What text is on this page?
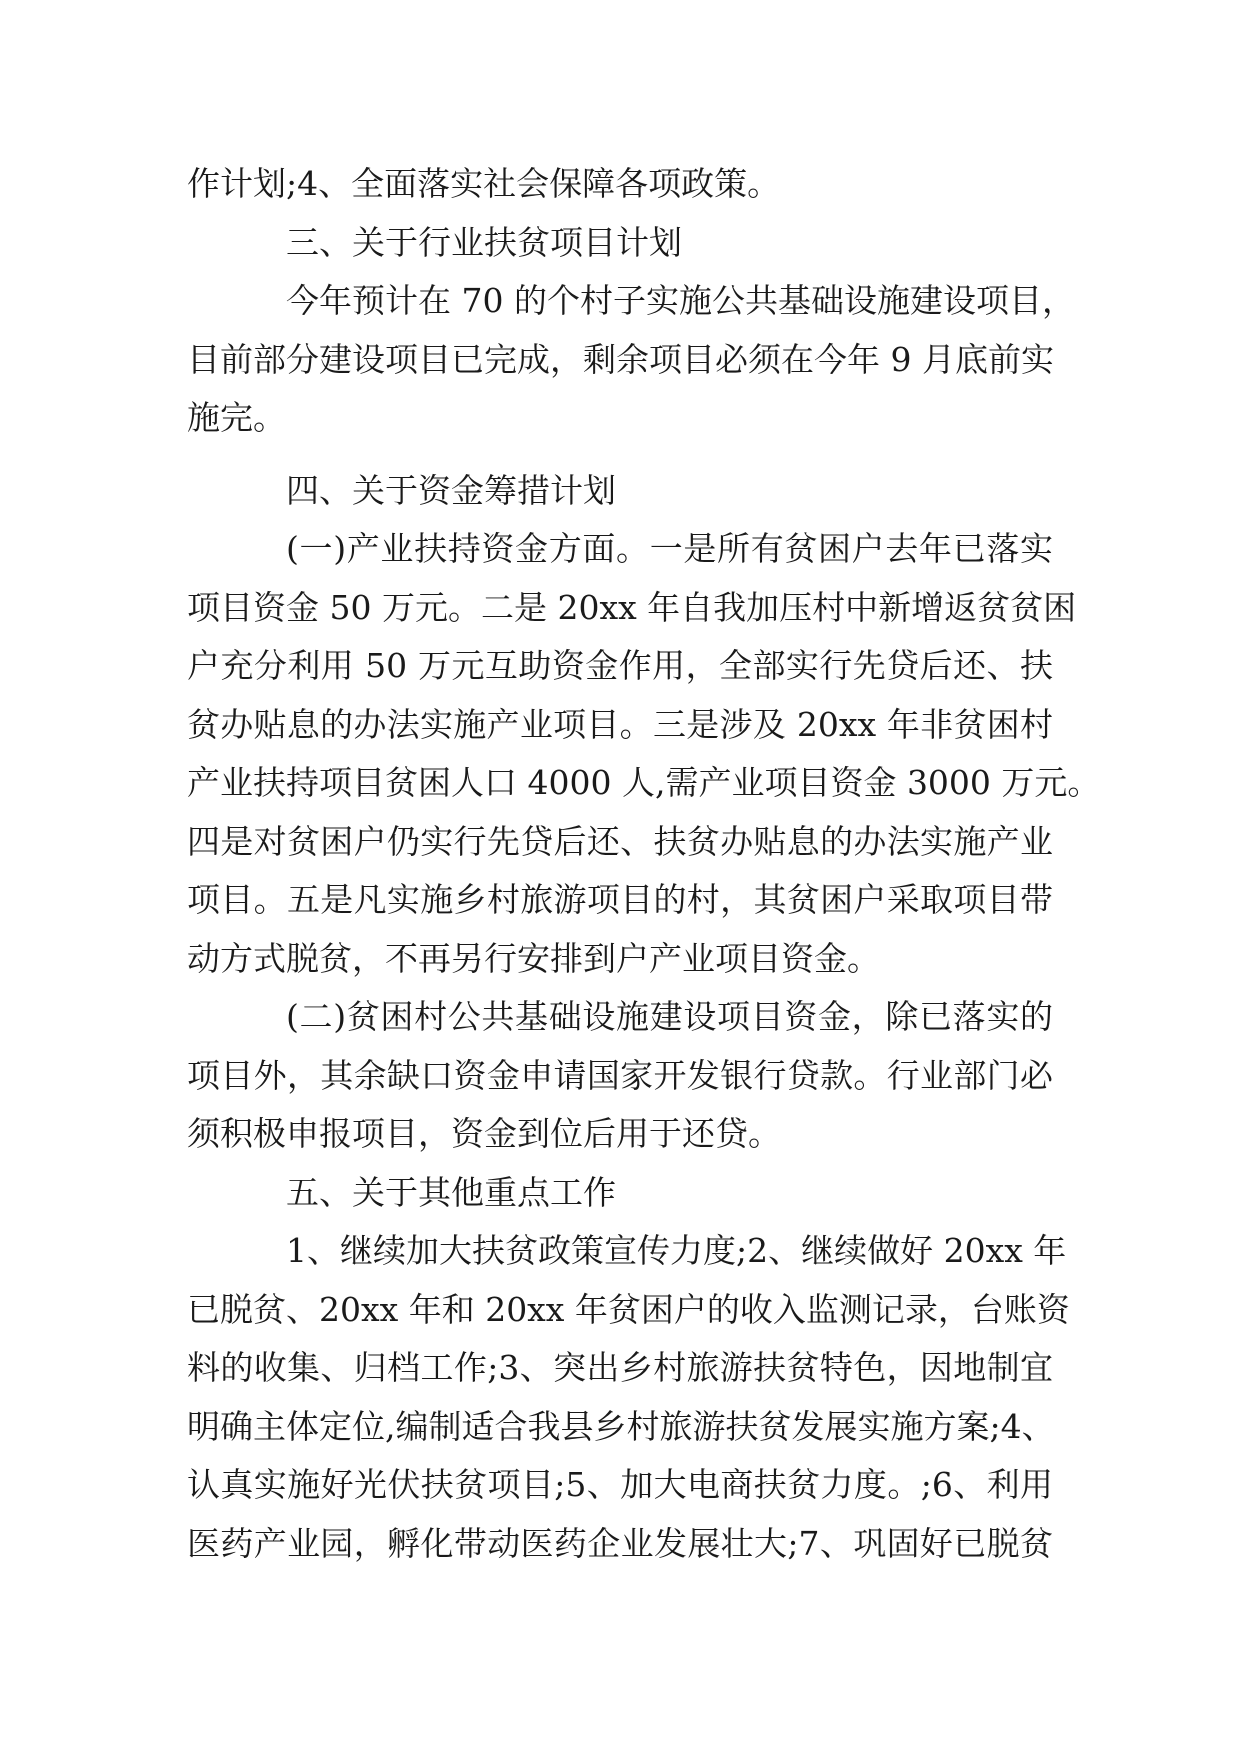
作计划;4、全面落实社会保障各项政策。
三、关于行业扶贫项目计划
今年预计在 70 的个村子实施公共基础设施建设项目，
目前部分建设项目已完成，剩余项目必须在今年 9 月底前实
施完。
四、关于资金筹措计划
(一)产业扶持资金方面。一是所有贫困户去年已落实
项目资金 50 万元。二是 20xx 年自我加压村中新增返贫贫困
户充分利用 50 万元互助资金作用，全部实行先贷后还、扶
贫办贴息的办法实施产业项目。三是涉及 20xx 年非贫困村
产业扶持项目贫困人口 4000 人,需产业项目资金 3000 万元。
四是对贫困户仍实行先贷后还、扶贫办贴息的办法实施产业
项目。五是凡实施乡村旅游项目的村，其贫困户采取项目带
动方式脱贫，不再另行安排到户产业项目资金。
(二)贫困村公共基础设施建设项目资金，除已落实的
项目外，其余缺口资金申请国家开发银行贷款。行业部门必
须积极申报项目，资金到位后用于还贷。
五、关于其他重点工作
1、继续加大扶贫政策宣传力度;2、继续做好 20xx 年
已脱贫、20xx 年和 20xx 年贫困户的收入监测记录，台账资
料的收集、归档工作;3、突出乡村旅游扶贫特色，因地制宜
明确主体定位,编制适合我县乡村旅游扶贫发展实施方案;4、
认真实施好光伏扶贫项目;5、加大电商扶贫力度。;6、利用
医药产业园，孵化带动医药企业发展壮大;7、巩固好已脱贫
